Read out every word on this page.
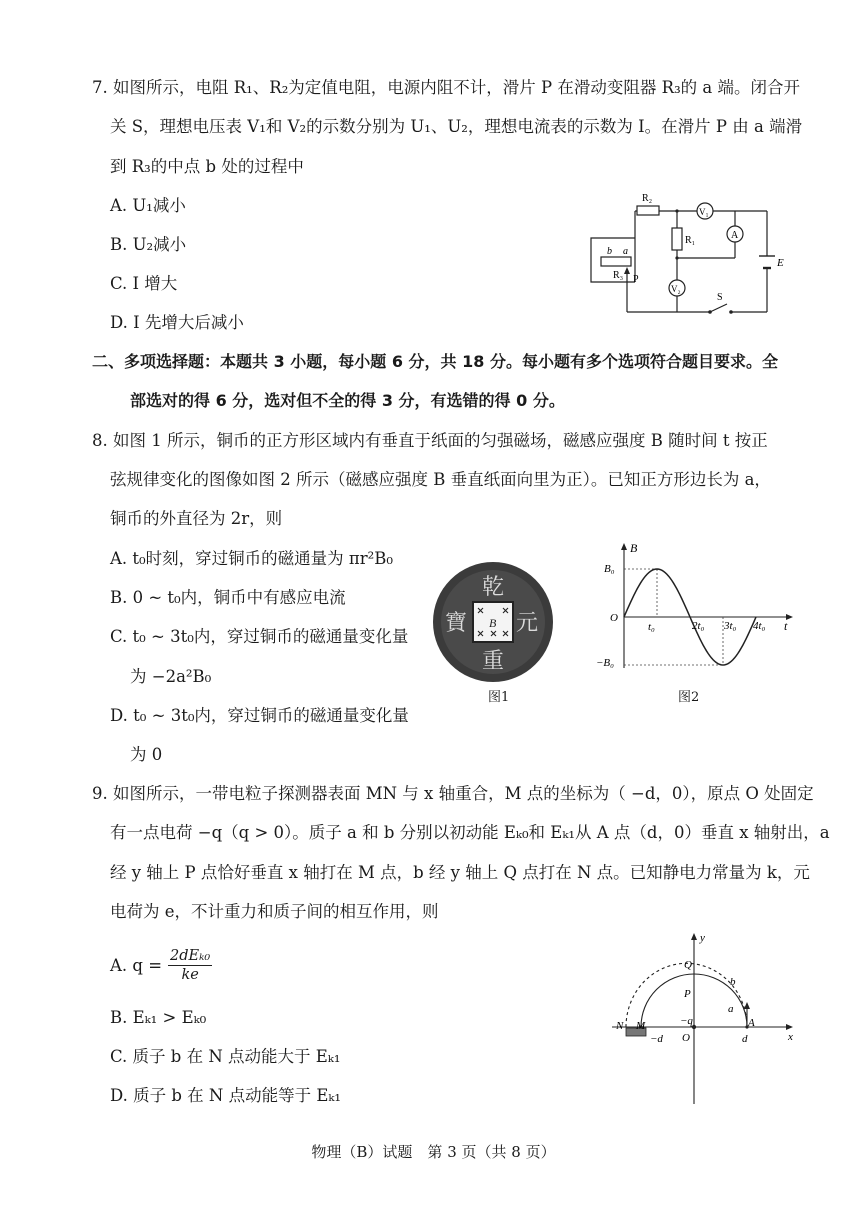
7. 如图所示，电阻 R₁、R₂为定值电阻，电源内阻不计，滑片 P 在滑动变阻器 R₃的 a 端。闭合开
关 S，理想电压表 V₁和 V₂的示数分别为 U₁、U₂，理想电流表的示数为 I。在滑片 P 由 a 端滑
到 R₃的中点 b 处的过程中
A. U₁减小
B. U₂减小
C. I 增大
D. I 先增大后减小
R₂
R₁
R₃
V₁
A
V₂
E
S
P
b a
二、多项选择题：本题共 3 小题，每小题 6 分，共 18 分。每小题有多个选项符合题目要求。全
部选对的得 6 分，选对但不全的得 3 分，有选错的得 0 分。
8. 如图 1 所示，铜币的正方形区域内有垂直于纸面的匀强磁场，磁感应强度 B 随时间 t 按正
弦规律变化的图像如图 2 所示（磁感应强度 B 垂直纸面向里为正）。已知正方形边长为 a，
铜币的外直径为 2r，则
A. t₀时刻，穿过铜币的磁通量为 πr²B₀
B. 0 ~ t₀内，铜币中有感应电流
C. t₀ ~ 3t₀内，穿过铜币的磁通量变化量
为 −2a²B₀
D. t₀ ~ 3t₀内，穿过铜币的磁通量变化量
为 0
乾
元
重
寶 B
图1
B
t
O
B₀
−B₀
t₀	2t₀ 3t₀ 4t₀
图2
9. 如图所示，一带电粒子探测器表面 MN 与 x 轴重合，M 点的坐标为（ −d，0），原点 O 处固定
有一点电荷 −q（q > 0）。质子 a 和 b 分别以初动能 Eₖ₀和 Eₖ₁从 A 点（d，0）垂直 x 轴射出，a
经 y 轴上 P 点恰好垂直 x 轴打在 M 点，b 经 y 轴上 Q 点打在 N 点。已知静电力常量为 k，元
电荷为 e，不计重力和质子间的相互作用，则
A. q = 2dEₖ₀
ke
B. Eₖ₁ > Eₖ₀
C. 质子 b 在 N 点动能大于 Eₖ₁
D. 质子 b 在 N 点动能等于 Eₖ₁
y
x
Q
P
b
a
−q
N M	A
−d O	d
物理（B）试题　第 3 页（共 8 页）
